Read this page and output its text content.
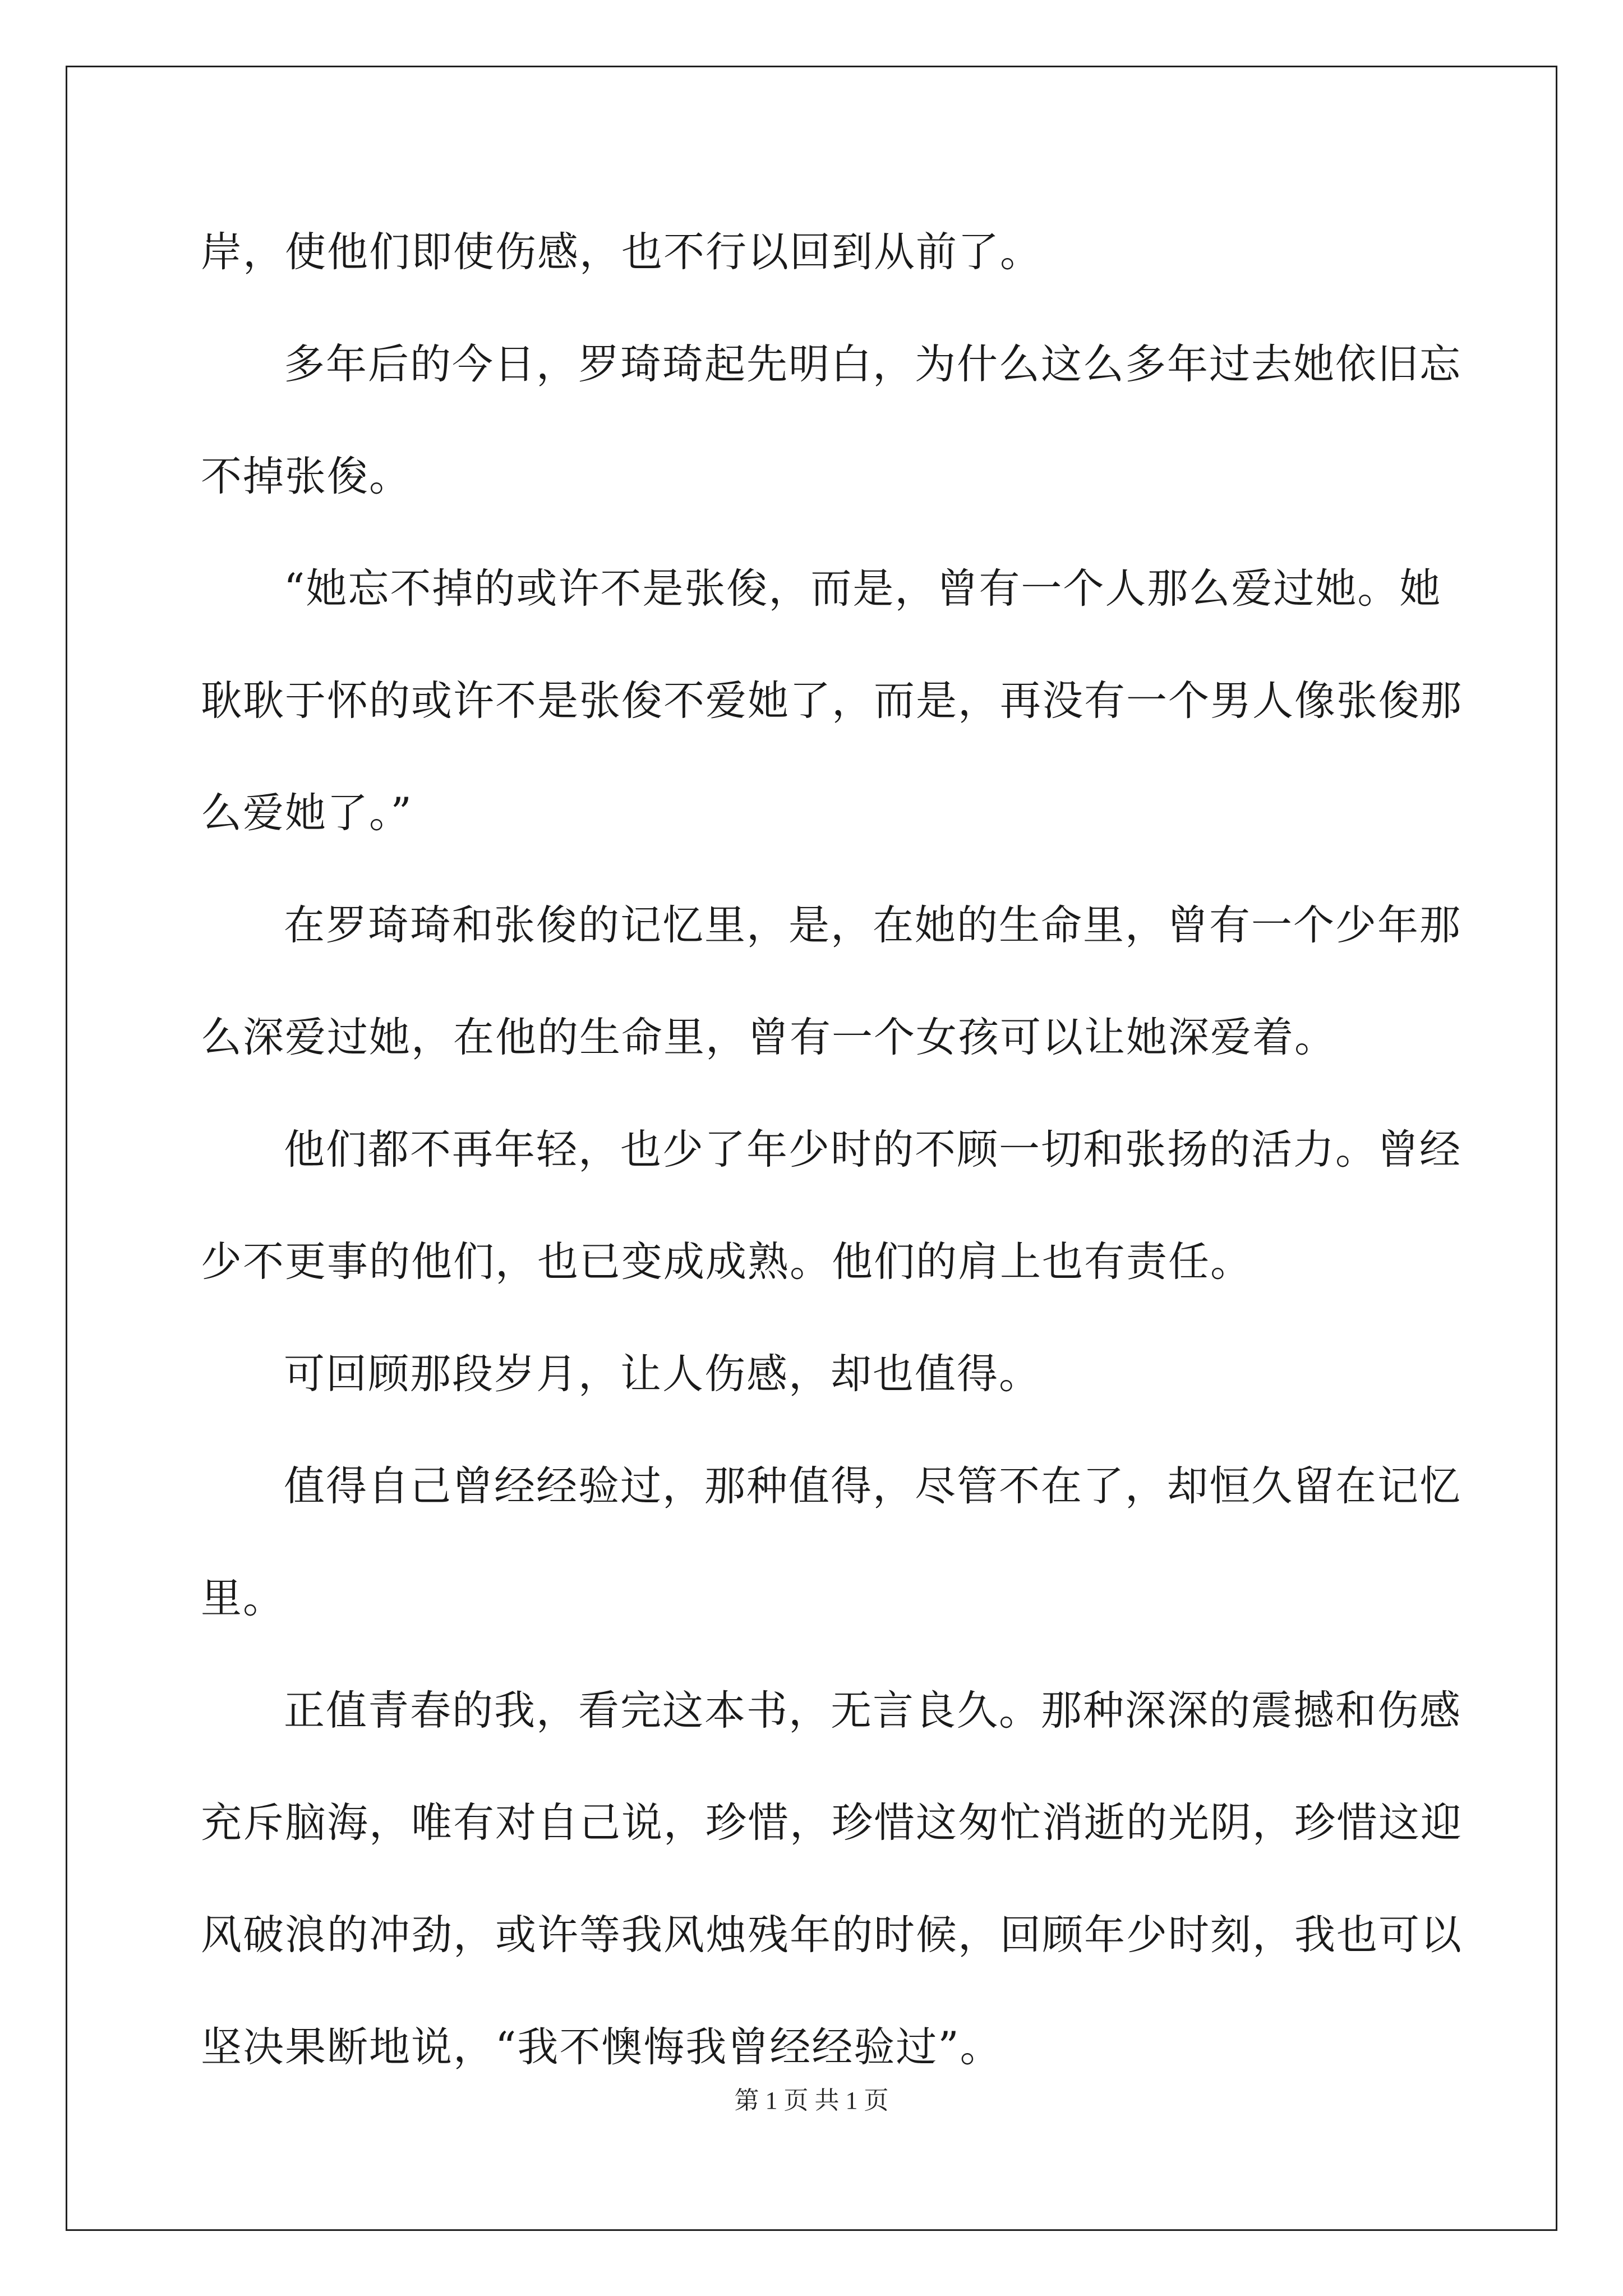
岸，使他们即使伤感，也不行以回到从前了。
多年后的今日，罗琦琦起先明白，为什么这么多年过去她依旧忘
不掉张俊。
“她忘不掉的或许不是张俊，而是，曾有一个人那么爱过她。她
耿耿于怀的或许不是张俊不爱她了，而是，再没有一个男人像张俊那
么爱她了。”
在罗琦琦和张俊的记忆里，是，在她的生命里，曾有一个少年那
么深爱过她，在他的生命里，曾有一个女孩可以让她深爱着。
他们都不再年轻，也少了年少时的不顾一切和张扬的活力。曾经
少不更事的他们，也已变成成熟。他们的肩上也有责任。
可回顾那段岁月，让人伤感，却也值得。
值得自己曾经经验过，那种值得，尽管不在了，却恒久留在记忆
里。
正值青春的我，看完这本书，无言良久。那种深深的震撼和伤感
充斥脑海，唯有对自己说，珍惜，珍惜这匆忙消逝的光阴，珍惜这迎
风破浪的冲劲，或许等我风烛残年的时候，回顾年少时刻，我也可以
坚决果断地说，“我不懊悔我曾经经验过”。
第 1 页 共 1 页
